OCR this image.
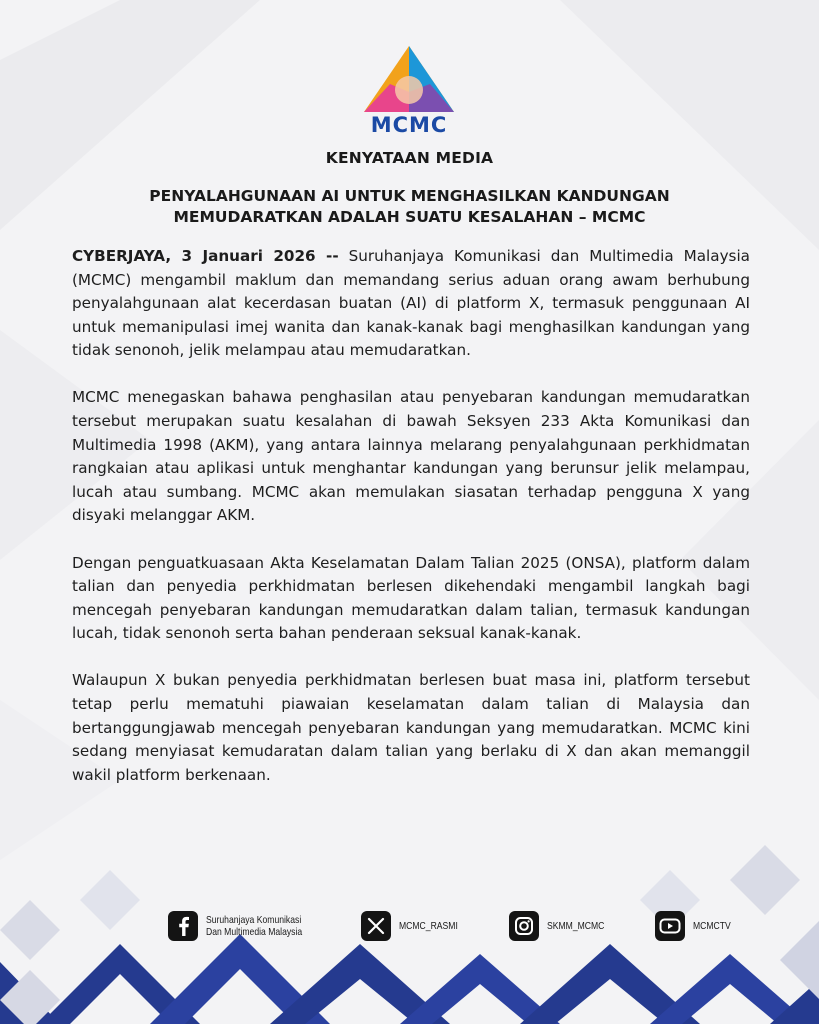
MCMC
KENYATAAN MEDIA
PENYALAHGUNAAN AI UNTUK MENGHASILKAN KANDUNGAN
MEMUDARATKAN ADALAH SUATU KESALAHAN – MCMC

CYBERJAYA, 3 Januari 2026 -- Suruhanjaya Komunikasi dan Multimedia Malaysia (MCMC) mengambil maklum dan memandang serius aduan orang awam berhubung penyalahgunaan alat kecerdasan buatan (AI) di platform X, termasuk penggunaan AI untuk memanipulasi imej wanita dan kanak-kanak bagi menghasilkan kandungan yang tidak senonoh, jelik melampau atau memudaratkan.

MCMC menegaskan bahawa penghasilan atau penyebaran kandungan memudaratkan tersebut merupakan suatu kesalahan di bawah Seksyen 233 Akta Komunikasi dan Multimedia 1998 (AKM), yang antara lainnya melarang penyalahgunaan perkhidmatan rangkaian atau aplikasi untuk menghantar kandungan yang berunsur jelik melampau, lucah atau sumbang. MCMC akan memulakan siasatan terhadap pengguna X yang disyaki melanggar AKM.

Dengan penguatkuasaan Akta Keselamatan Dalam Talian 2025 (ONSA), platform dalam talian dan penyedia perkhidmatan berlesen dikehendaki mengambil langkah bagi mencegah penyebaran kandungan memudaratkan dalam talian, termasuk kandungan lucah, tidak senonoh serta bahan penderaan seksual kanak-kanak.

Walaupun X bukan penyedia perkhidmatan berlesen buat masa ini, platform tersebut tetap perlu mematuhi piawaian keselamatan dalam talian di Malaysia dan bertanggungjawab mencegah penyebaran kandungan yang memudaratkan. MCMC kini sedang menyiasat kemudaratan dalam talian yang berlaku di X dan akan memanggil wakil platform berkenaan.

Suruhanjaya Komunikasi
Dan Multimedia Malaysia	MCMC_RASMI	SKMM_MCMC	MCMCTV
